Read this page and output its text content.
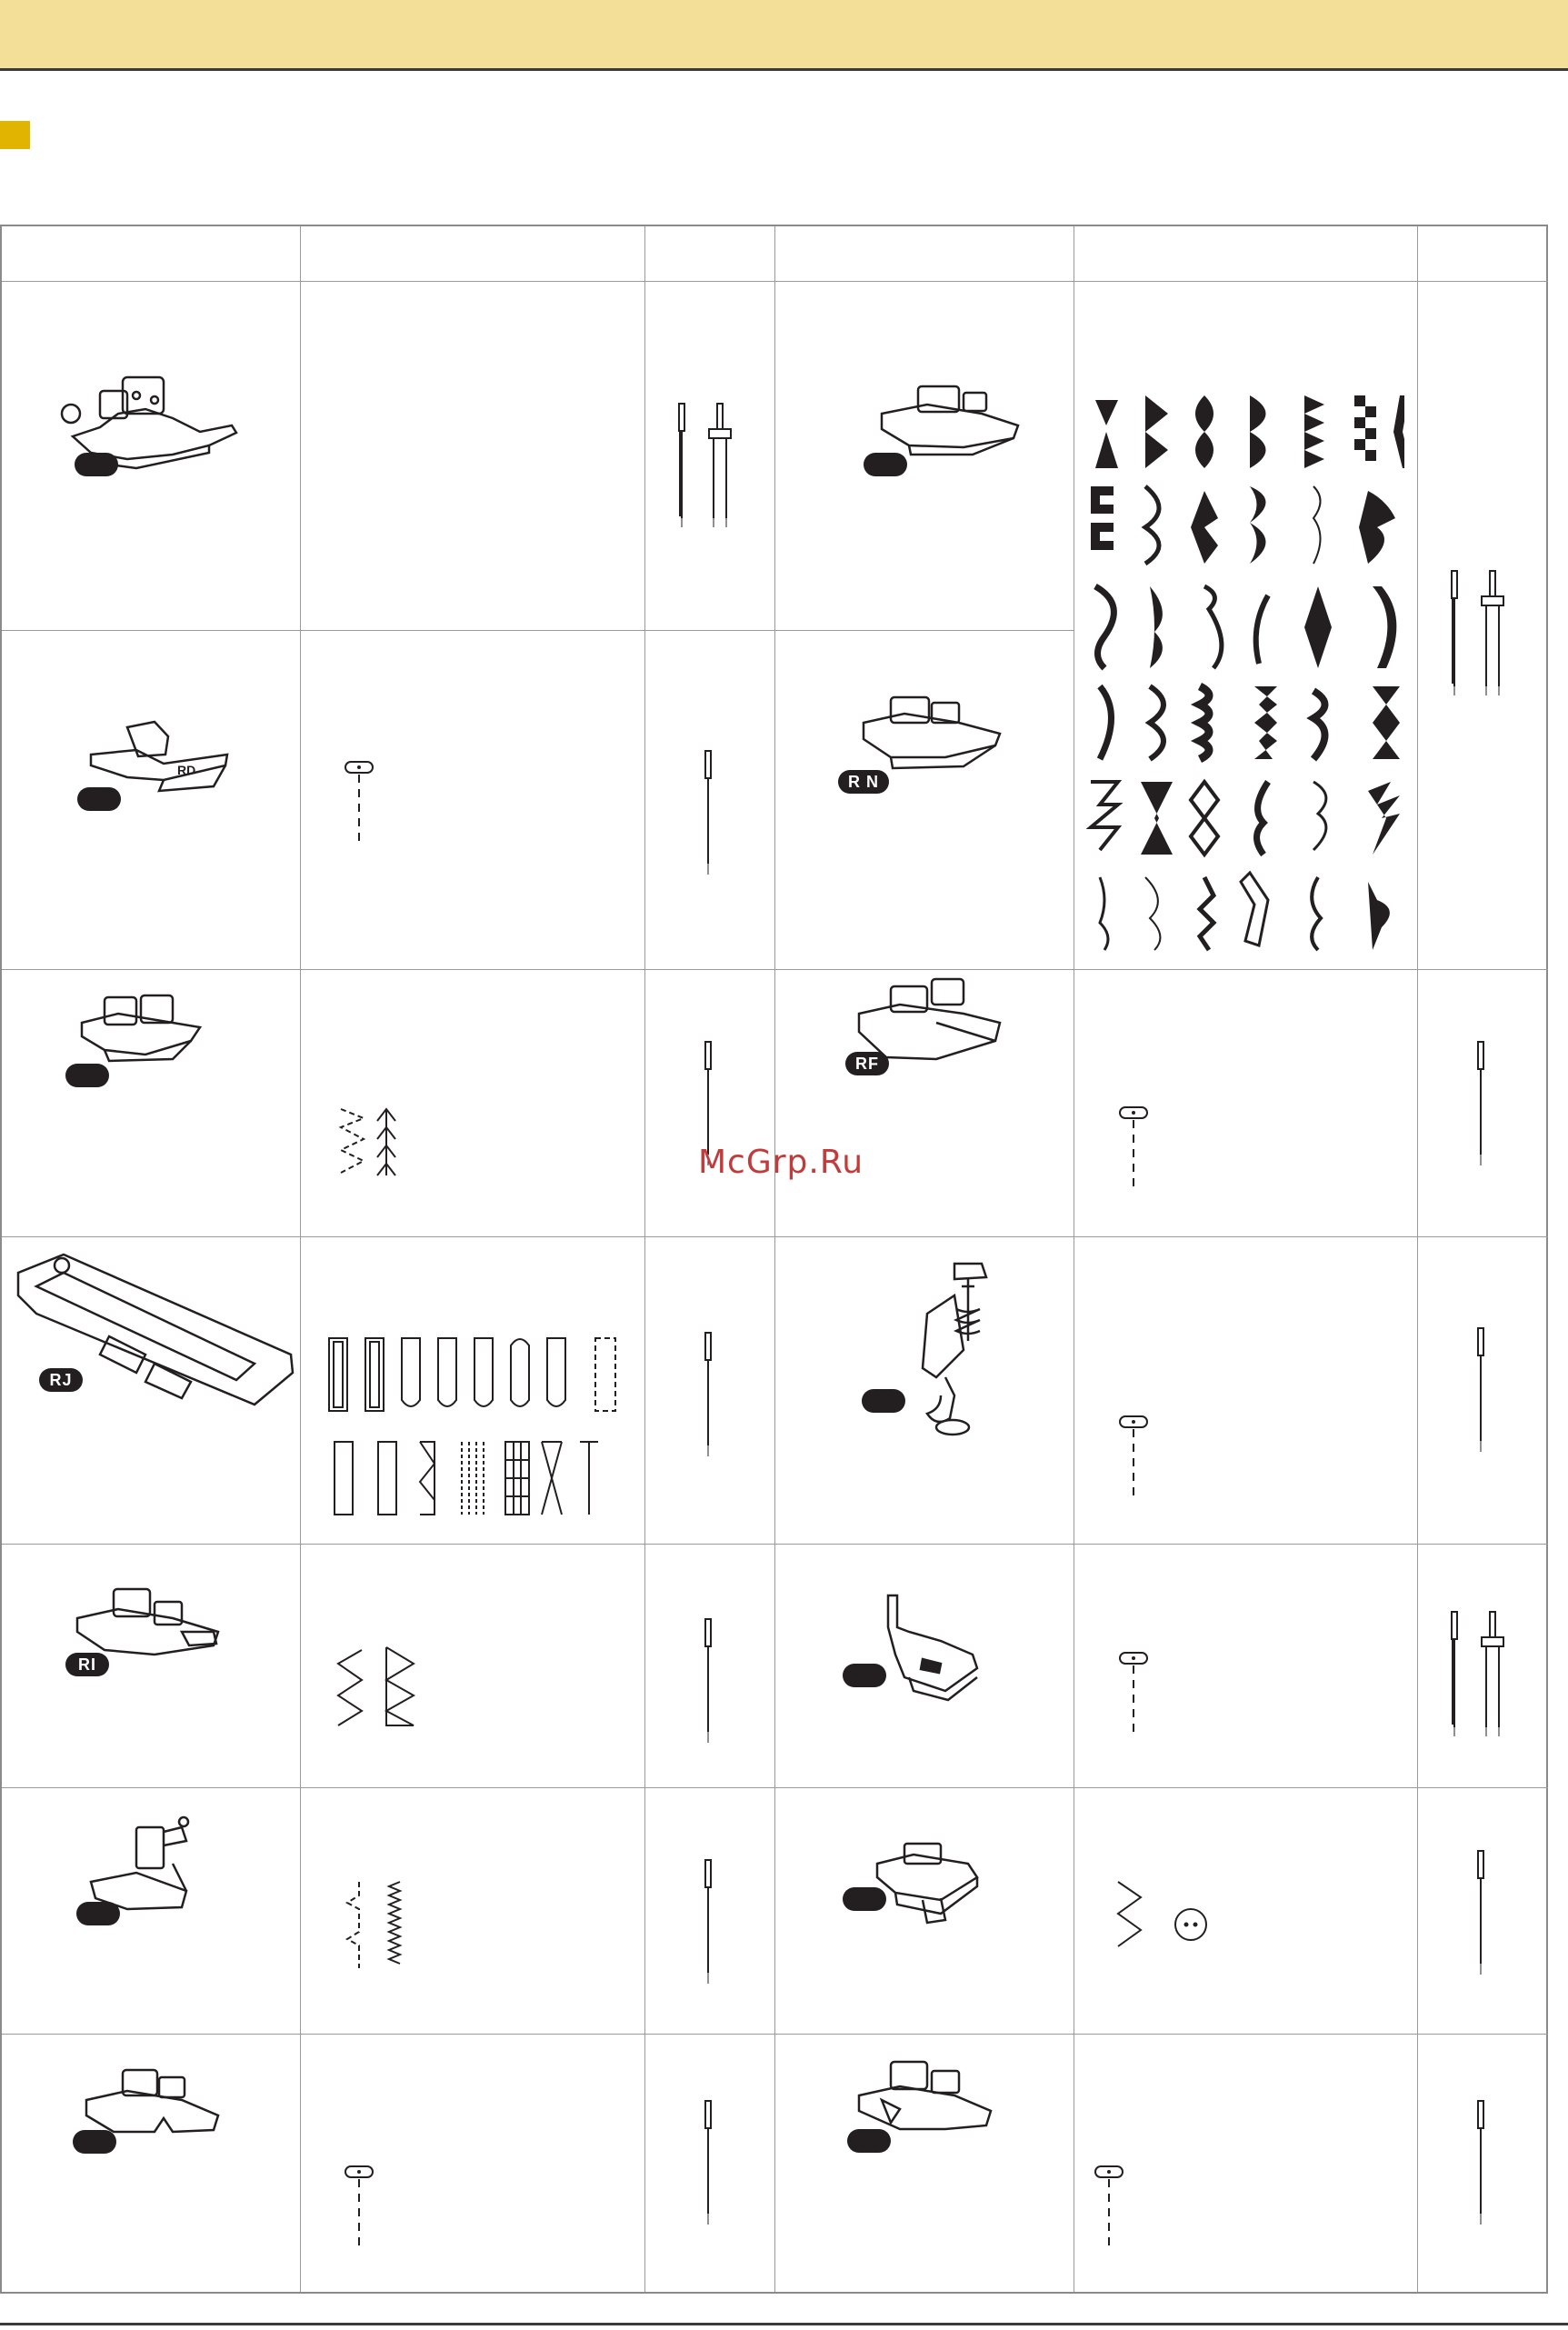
RD
RJ
RI
R N
RF
McGrp.Ru
